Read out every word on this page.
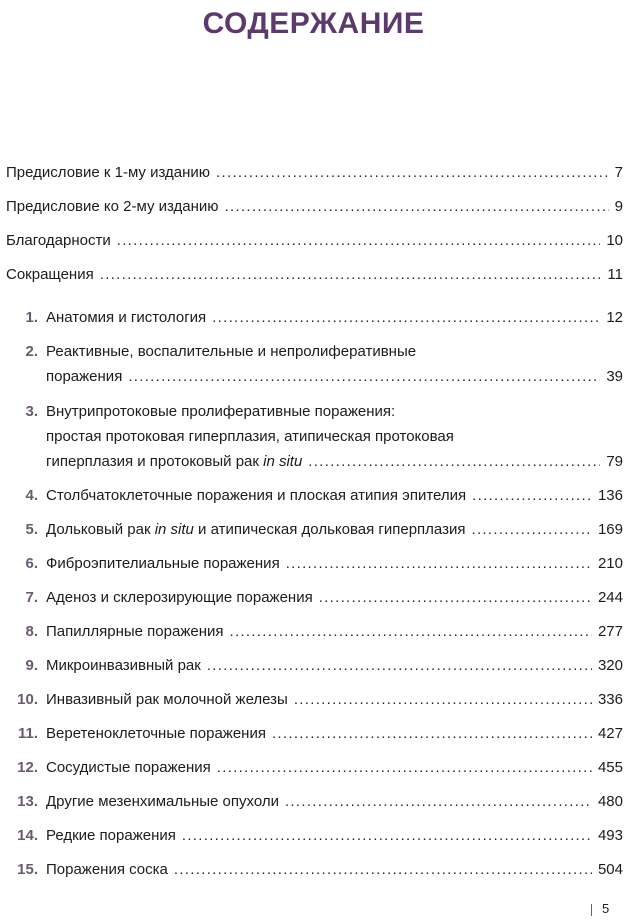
СОДЕРЖАНИЕ
Предисловие к 1-му изданию .....	7
Предисловие ко 2-му изданию .....	9
Благодарности .....	10
Сокращения .....	11
1. Анатомия и гистология .....	12
2. Реактивные, воспалительные и непролиферативные
поражения .....	39
3. Внутрипротоковые пролиферативные поражения:
простая протоковая гиперплазия, атипическая протоковая
гиперплазия и протоковый рак in situ .....	79
4. Столбчатоклеточные поражения и плоская атипия эпителия .....	136
5. Дольковый рак in situ и атипическая дольковая гиперплазия .....	169
6. Фиброэпителиальные поражения .....	210
7. Аденоз и склерозирующие поражения .....	244
8. Папиллярные поражения .....	277
9. Микроинвазивный рак .....	320
10. Инвазивный рак молочной железы .....	336
11. Веретеноклеточные поражения .....	427
12. Сосудистые поражения .....	455
13. Другие мезенхимальные опухоли .....	480
14. Редкие поражения .....	493
15. Поражения соска .....	504
5
